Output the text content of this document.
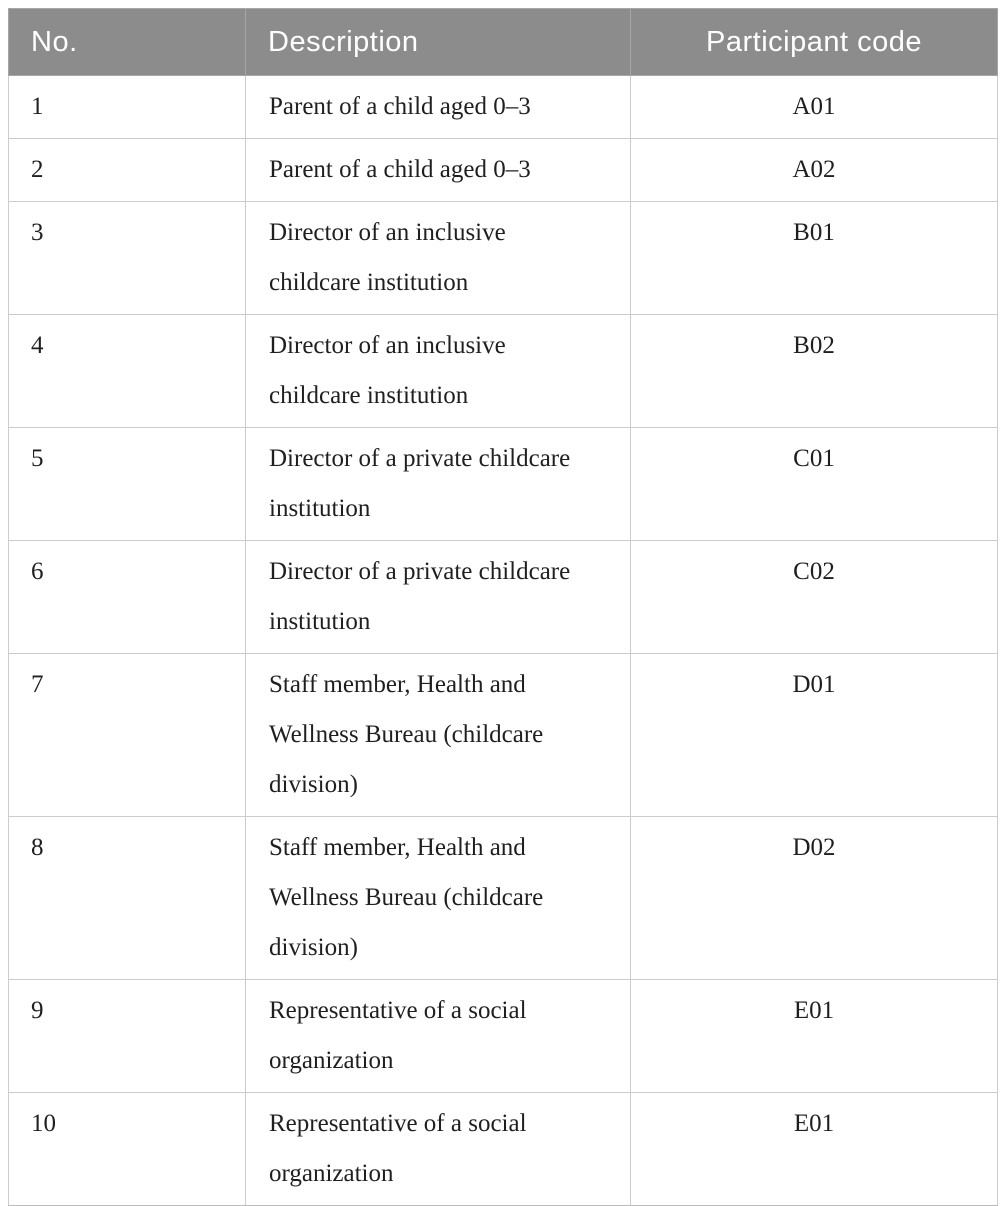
No.	Description	Participant code
1	Parent of a child aged 0–3	A01
2	Parent of a child aged 0–3	A02
3	Director of an inclusive childcare institution	B01
4	Director of an inclusive childcare institution	B02
5	Director of a private childcare institution	C01
6	Director of a private childcare institution	C02
7	Staff member, Health and Wellness Bureau (childcare division)	D01
8	Staff member, Health and Wellness Bureau (childcare division)	D02
9	Representative of a social organization	E01
10	Representative of a social organization	E01
